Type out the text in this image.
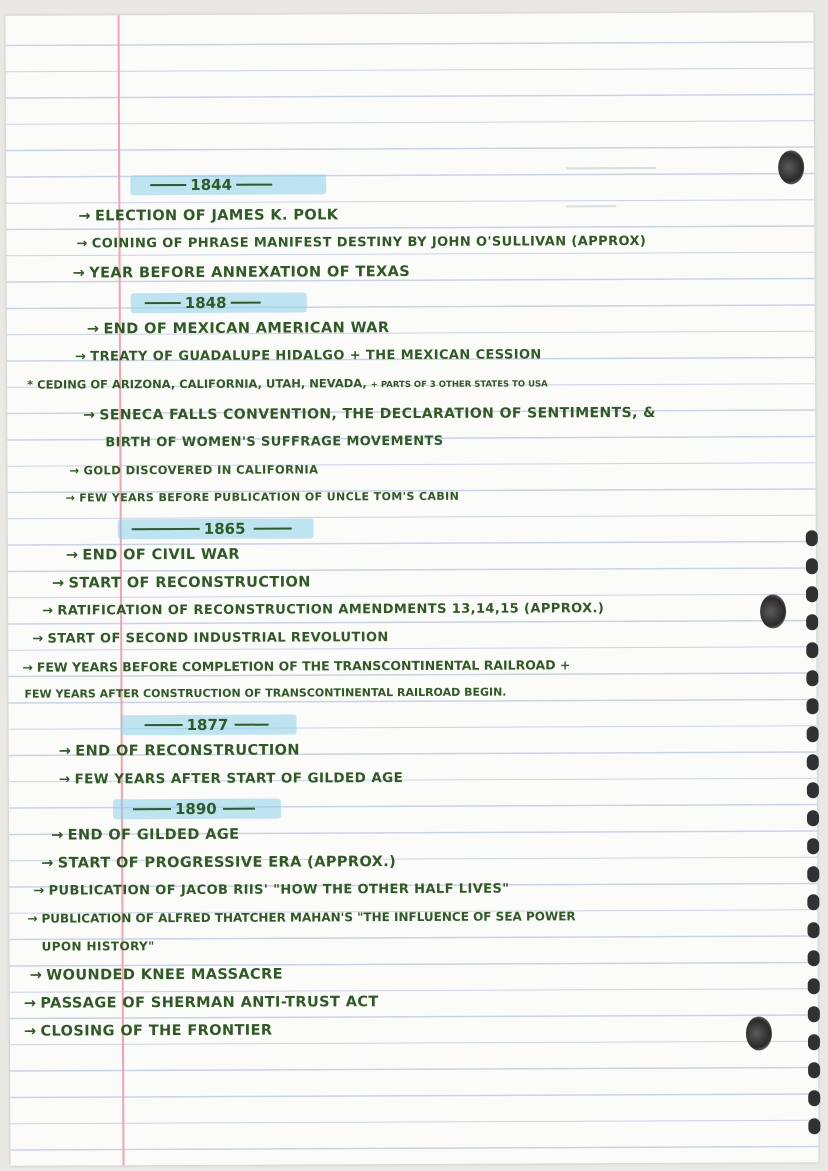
1844
→ ELECTION OF JAMES K. POLK
→ COINING OF PHRASE MANIFEST DESTINY BY JOHN O'SULLIVAN (APPROX)
→ YEAR BEFORE ANNEXATION OF TEXAS
1848
→ END OF MEXICAN AMERICAN WAR
→ TREATY OF GUADALUPE HIDALGO + THE MEXICAN CESSION
* CEDING OF ARIZONA, CALIFORNIA, UTAH, NEVADA, + PARTS OF 3 OTHER STATES TO USA
→ SENECA FALLS CONVENTION, THE DECLARATION OF SENTIMENTS, &
BIRTH OF WOMEN'S SUFFRAGE MOVEMENTS
→ GOLD DISCOVERED IN CALIFORNIA
→ FEW YEARS BEFORE PUBLICATION OF UNCLE TOM'S CABIN
1865
→ END OF CIVIL WAR
→ START OF RECONSTRUCTION
→ RATIFICATION OF RECONSTRUCTION AMENDMENTS 13,14,15 (APPROX.)
→ START OF SECOND INDUSTRIAL REVOLUTION
→ FEW YEARS BEFORE COMPLETION OF THE TRANSCONTINENTAL RAILROAD +
FEW YEARS AFTER CONSTRUCTION OF TRANSCONTINENTAL RAILROAD BEGIN.
1877
→ END OF RECONSTRUCTION
→ FEW YEARS AFTER START OF GILDED AGE
1890
→ END OF GILDED AGE
→ START OF PROGRESSIVE ERA (APPROX.)
→ PUBLICATION OF JACOB RIIS' "HOW THE OTHER HALF LIVES"
→ PUBLICATION OF ALFRED THATCHER MAHAN'S "THE INFLUENCE OF SEA POWER
UPON HISTORY"
→ WOUNDED KNEE MASSACRE
→ PASSAGE OF SHERMAN ANTI-TRUST ACT
→ CLOSING OF THE FRONTIER
